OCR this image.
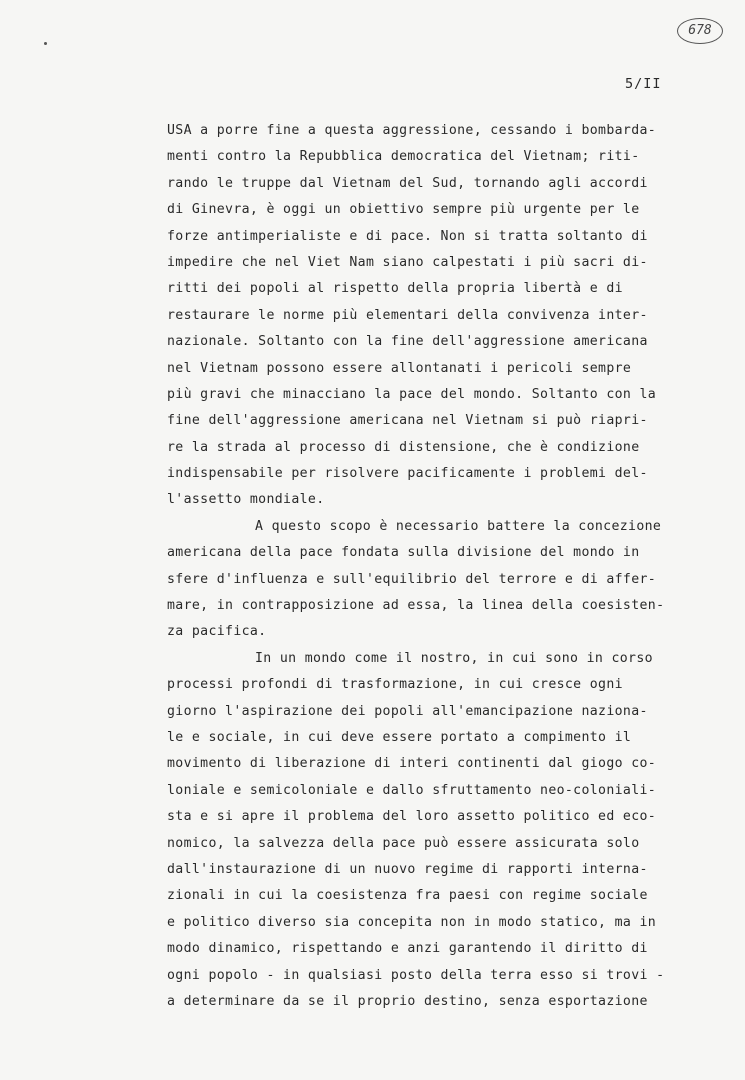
678
5/II
USA a porre fine a questa aggressione, cessando i bombarda-
menti contro la Repubblica democratica del Vietnam; riti-
rando le truppe dal Vietnam del Sud, tornando agli accordi
di Ginevra, è oggi un obiettivo sempre più urgente per le
forze antimperialiste e di pace. Non si tratta soltanto di
impedire che nel Viet Nam siano calpestati i più sacri di-
ritti dei popoli al rispetto della propria libertà e di
restaurare le norme più elementari della convivenza inter-
nazionale. Soltanto con la fine dell'aggressione americana
nel Vietnam possono essere allontanati i pericoli sempre
più gravi che minacciano la pace del mondo. Soltanto con la
fine dell'aggressione americana nel Vietnam si può riapri-
re la strada al processo di distensione, che è condizione
indispensabile per risolvere pacificamente i problemi del-
l'assetto mondiale.
A questo scopo è necessario battere la concezione
americana della pace fondata sulla divisione del mondo in
sfere d'influenza e sull'equilibrio del terrore e di affer-
mare, in contrapposizione ad essa, la linea della coesisten-
za pacifica.
In un mondo come il nostro, in cui sono in corso
processi profondi di trasformazione, in cui cresce ogni
giorno l'aspirazione dei popoli all'emancipazione naziona-
le e sociale, in cui deve essere portato a compimento il
movimento di liberazione di interi continenti dal giogo co-
loniale e semicoloniale e dallo sfruttamento neo-coloniali-
sta e si apre il problema del loro assetto politico ed eco-
nomico, la salvezza della pace può essere assicurata solo
dall'instaurazione di un nuovo regime di rapporti interna-
zionali in cui la coesistenza fra paesi con regime sociale
e politico diverso sia concepita non in modo statico, ma in
modo dinamico, rispettando e anzi garantendo il diritto di
ogni popolo - in qualsiasi posto della terra esso si trovi -
a determinare da se il proprio destino, senza esportazione
